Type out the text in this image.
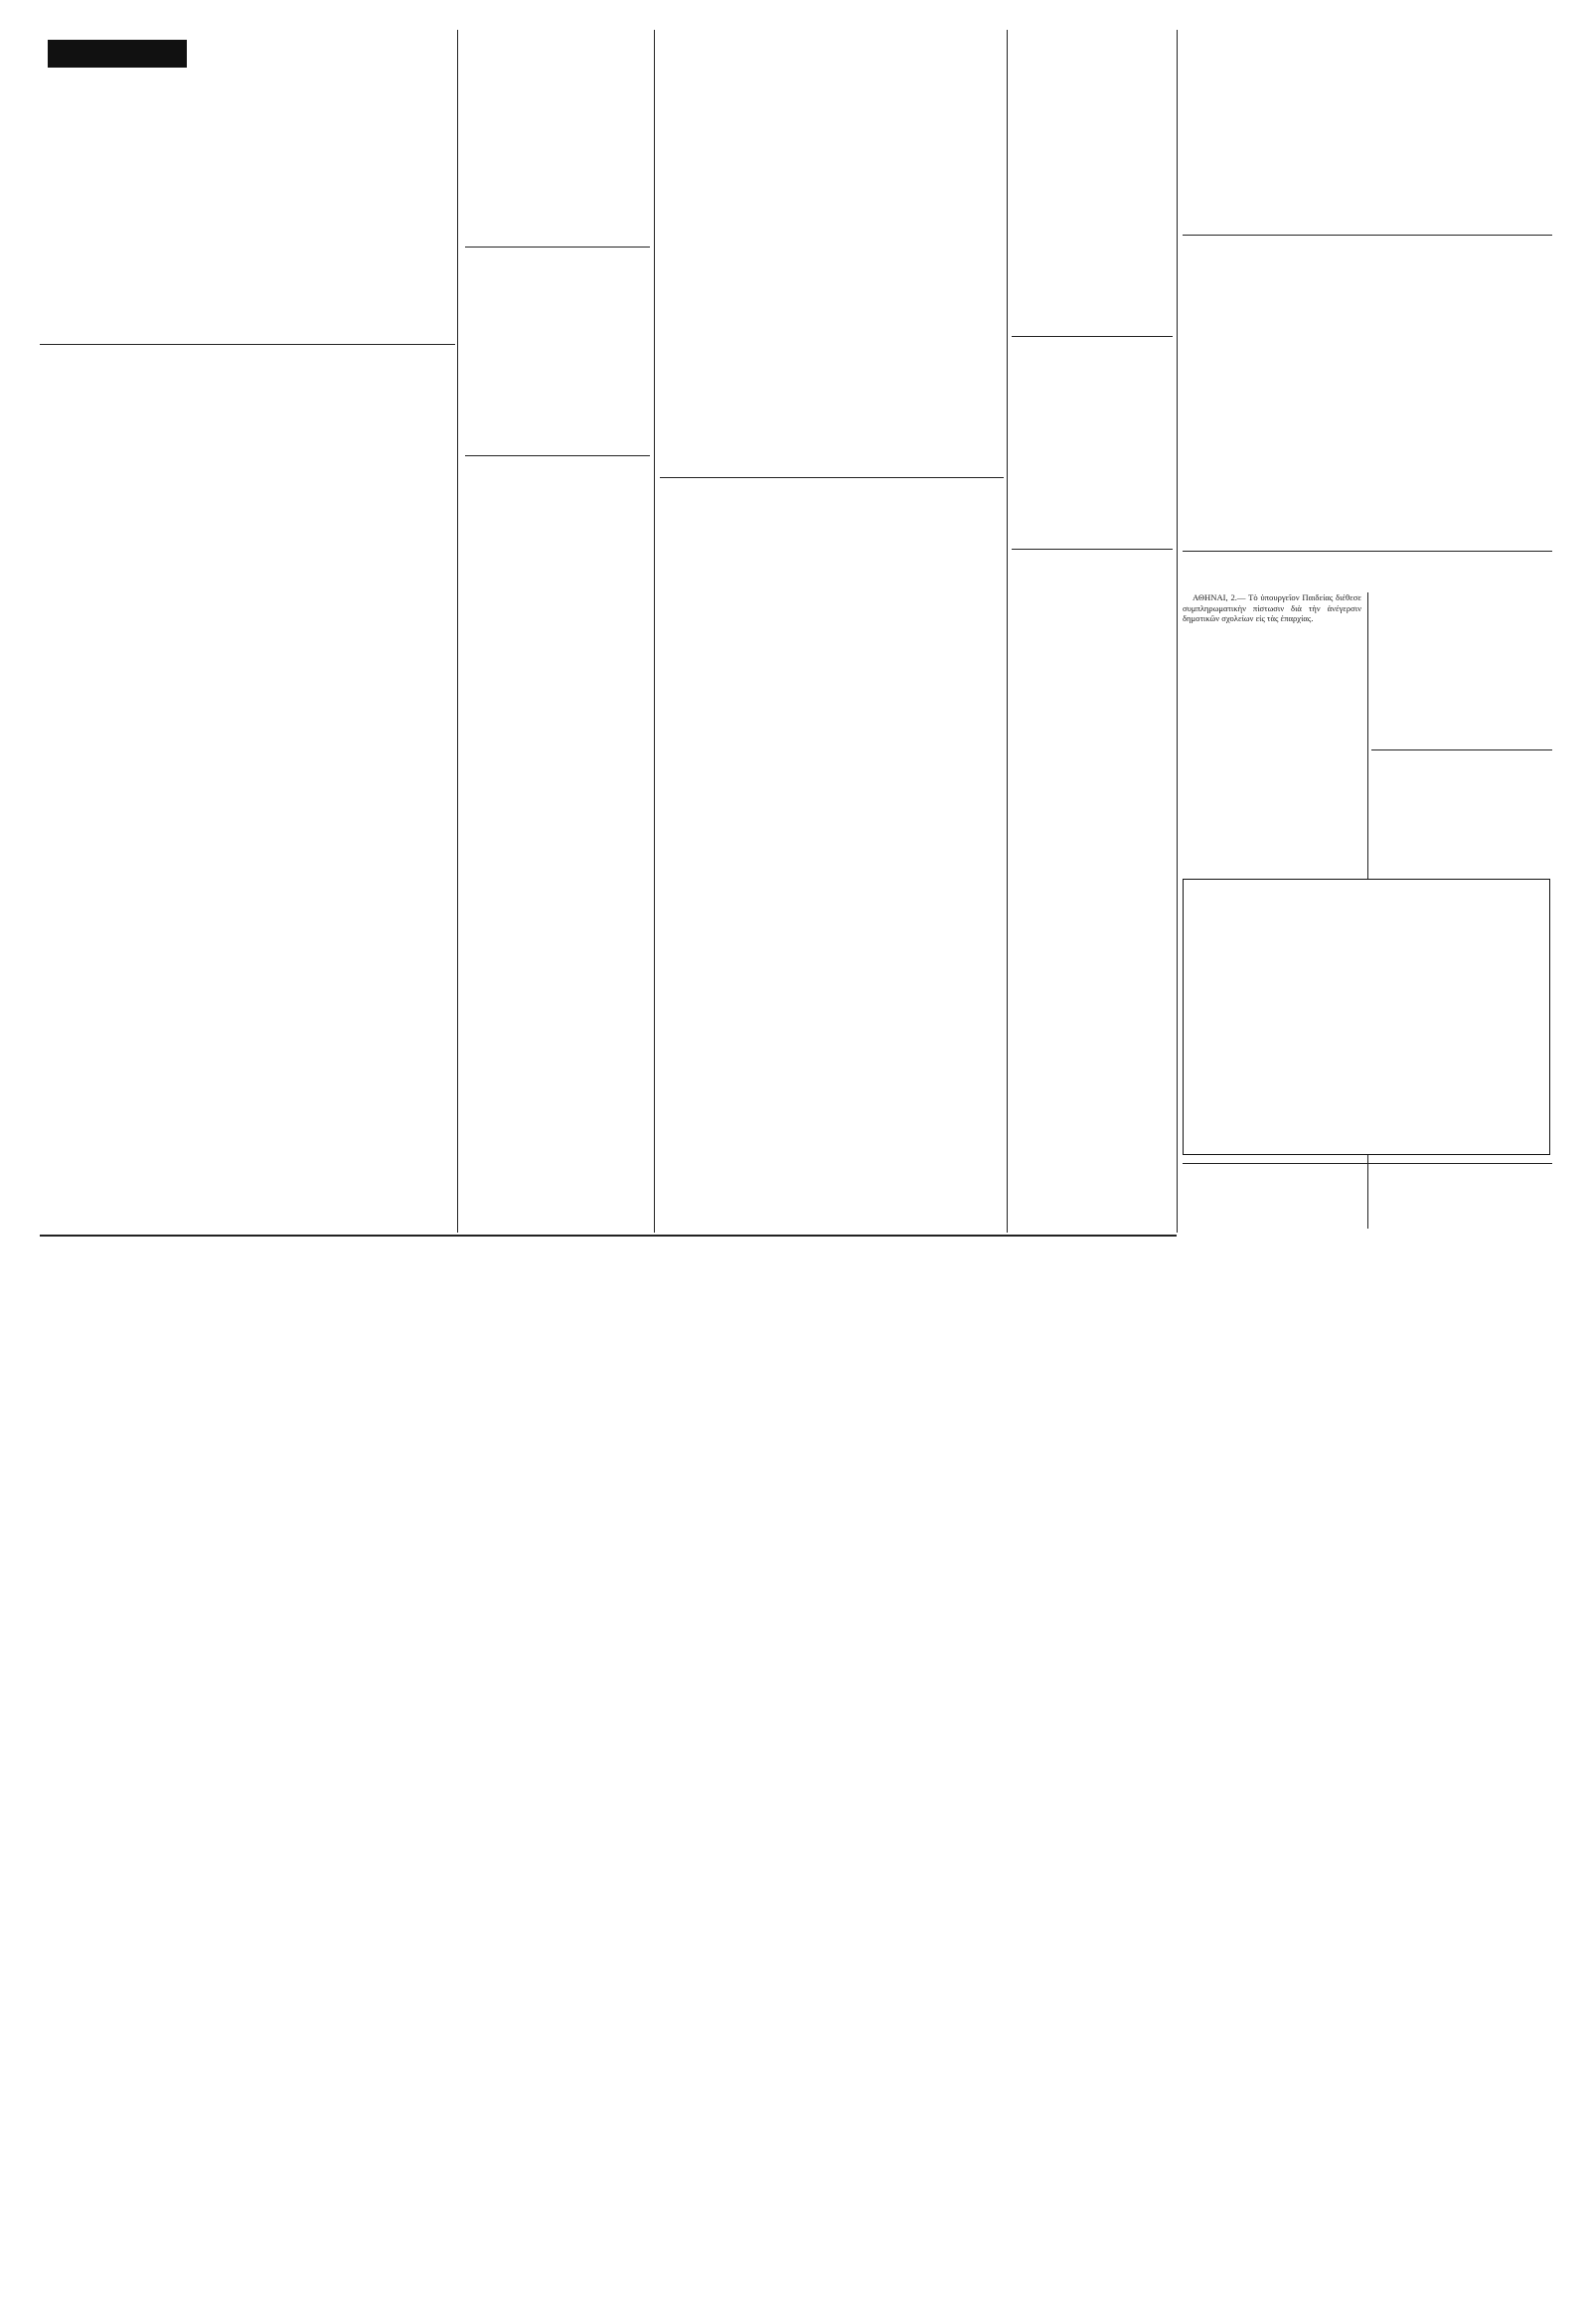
ΑΘΗΝΑΙ, 2.— Τὸ ὑπουργεῖον Παιδείας διέθεσε συμπληρωματικὴν πίστωσιν διὰ τὴν ἀνέγερσιν δημοτικῶν σχολείων εἰς τὰς ἐπαρχίας.
